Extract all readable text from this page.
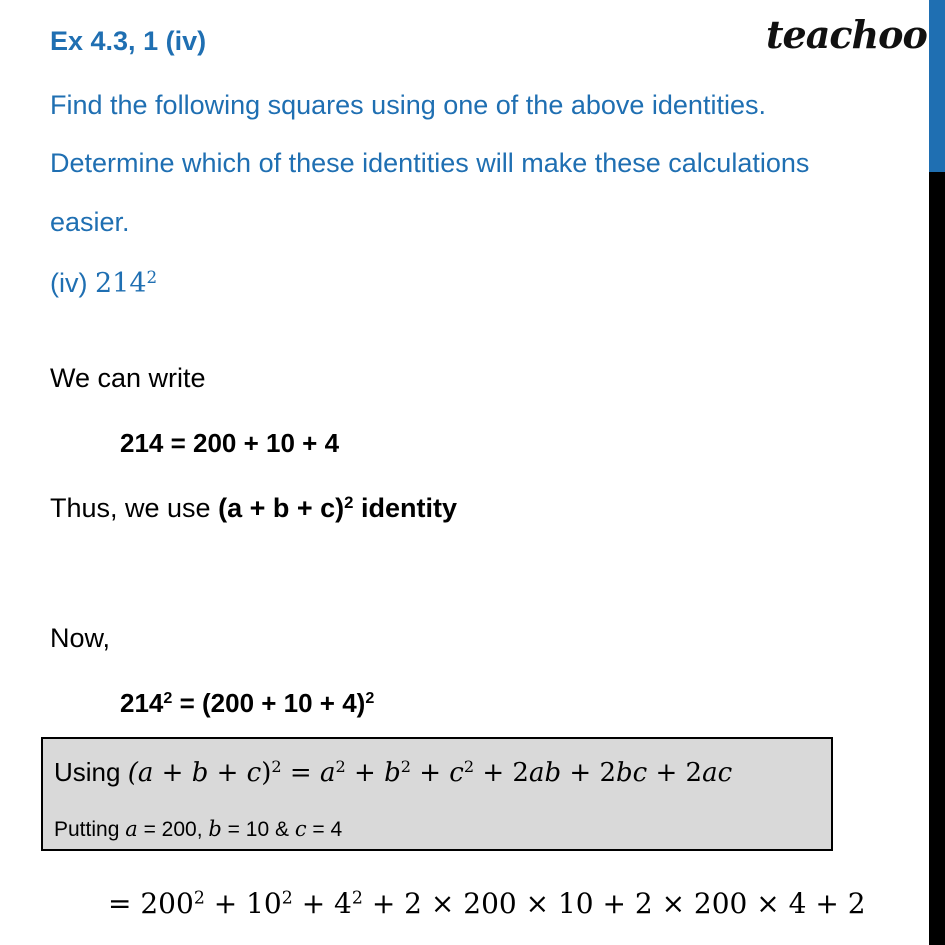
Ex 4.3, 1 (iv)	teachoo
Find the following squares using one of the above identities.
Determine which of these identities will make these calculations
easier.
(iv) $214^2$
We can write
214 = 200 + 10 + 4
Thus, we use $(a + b + c)^2$ identity
Now,
$214^2 = (200 + 10 + 4)^2$
Using $(a + b + c)^2 = a^2 + b^2 + c^2 + 2ab + 2bc + 2ac$
Putting a = 200, b = 10 & c = 4
= $200^2 + 10^2 + 4^2 + 2 \times 200 \times 10 + 2 \times 200 \times 4 + 2$
